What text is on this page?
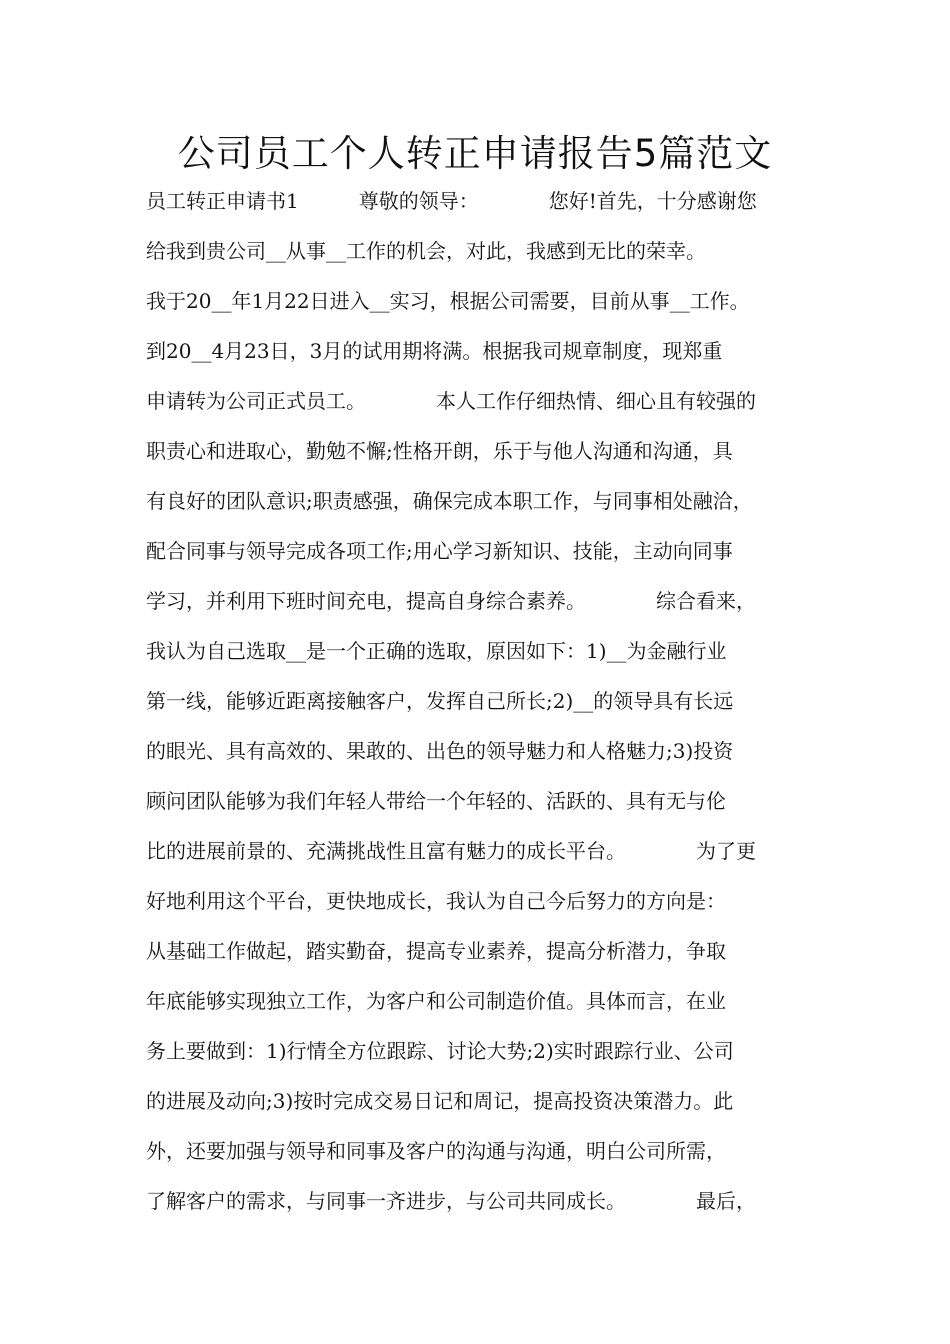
公司员工个人转正申请报告5篇范文
员工转正申请书1　　　尊敬的领导：　　　　您好!首先，十分感谢您
给我到贵公司__从事__工作的机会，对此，我感到无比的荣幸。
我于20__年1月22日进入__实习，根据公司需要，目前从事__工作。
到20__4月23日，3月的试用期将满。根据我司规章制度，现郑重
申请转为公司正式员工。　　　　本人工作仔细热情、细心且有较强的
职责心和进取心，勤勉不懈;性格开朗，乐于与他人沟通和沟通，具
有良好的团队意识;职责感强，确保完成本职工作，与同事相处融洽，
配合同事与领导完成各项工作;用心学习新知识、技能，主动向同事
学习，并利用下班时间充电，提高自身综合素养。　　　　综合看来，
我认为自己选取__是一个正确的选取，原因如下：1)__为金融行业
第一线，能够近距离接触客户，发挥自己所长;2)__的领导具有长远
的眼光、具有高效的、果敢的、出色的领导魅力和人格魅力;3)投资
顾问团队能够为我们年轻人带给一个年轻的、活跃的、具有无与伦
比的进展前景的、充满挑战性且富有魅力的成长平台。　　　　为了更
好地利用这个平台，更快地成长，我认为自己今后努力的方向是：
从基础工作做起，踏实勤奋，提高专业素养，提高分析潜力，争取
年底能够实现独立工作，为客户和公司制造价值。具体而言，在业
务上要做到：1)行情全方位跟踪、讨论大势;2)实时跟踪行业、公司
的进展及动向;3)按时完成交易日记和周记，提高投资决策潜力。此
外，还要加强与领导和同事及客户的沟通与沟通，明白公司所需，
了解客户的需求，与同事一齐进步，与公司共同成长。　　　　最后，
